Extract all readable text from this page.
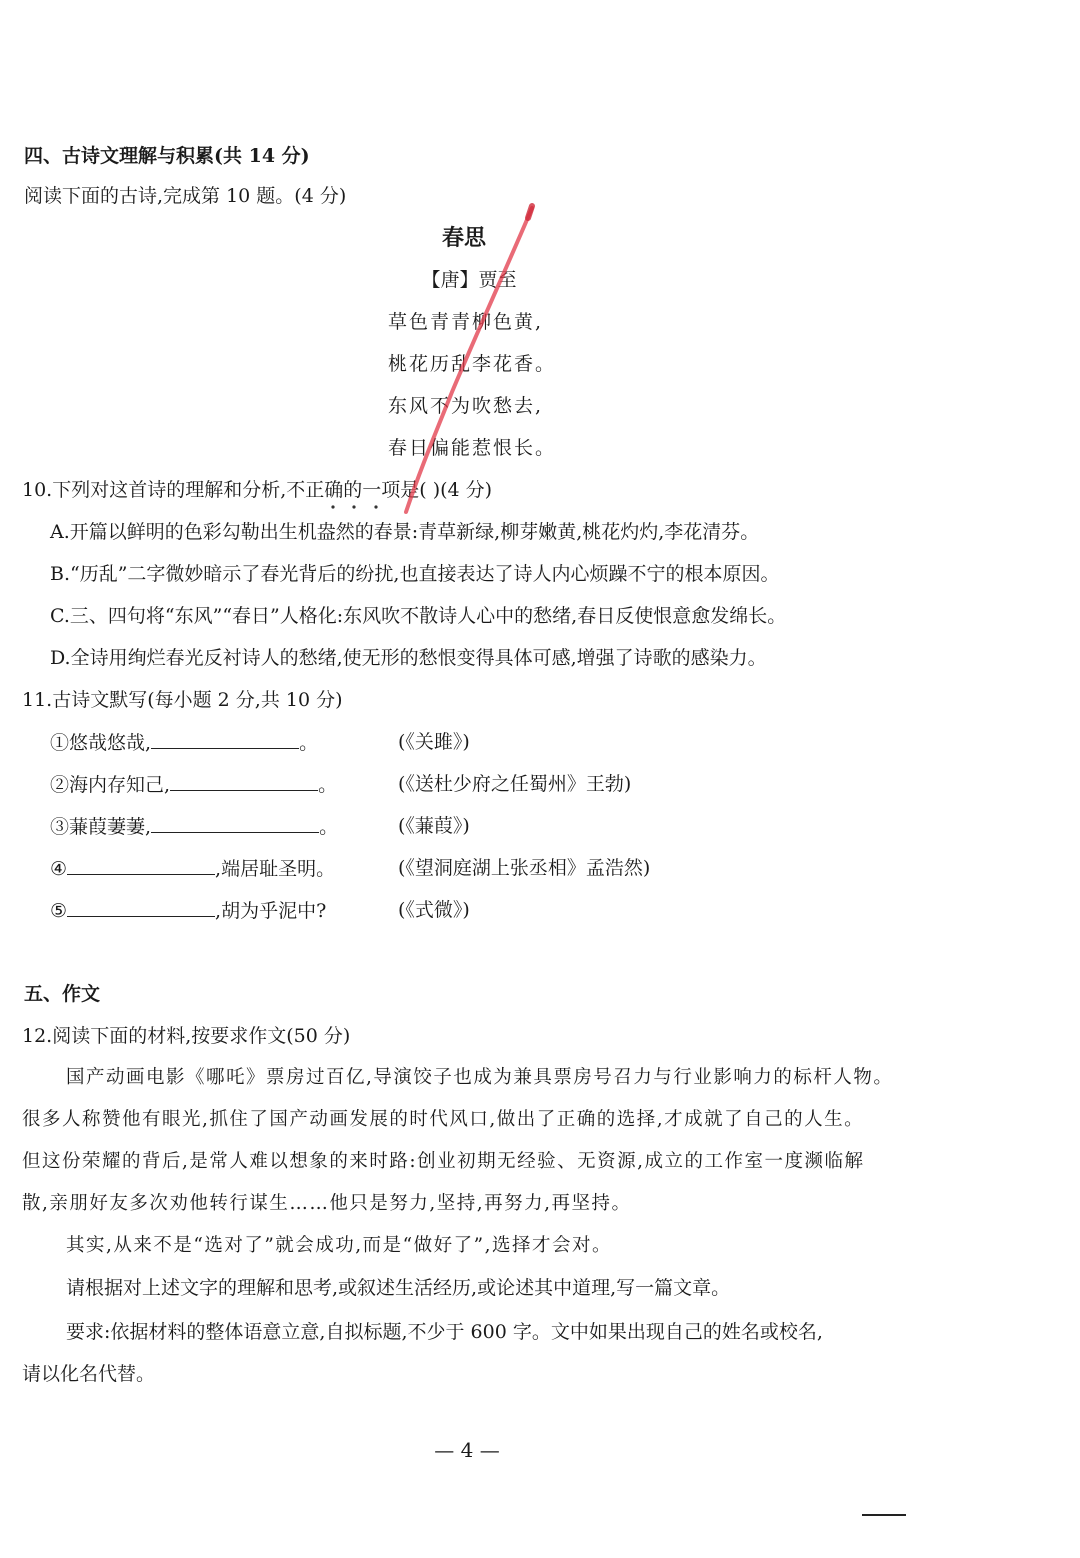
四、古诗文理解与积累(共 14 分)
阅读下面的古诗,完成第 10 题。(4 分)
春思
【唐】贾至
草色青青柳色黄,
桃花历乱李花香。
东风不为吹愁去,
春日偏能惹恨长。
10.下列对这首诗的理解和分析,不正确的一项是( )(4 分)
A.开篇以鲜明的色彩勾勒出生机盎然的春景:青草新绿,柳芽嫩黄,桃花灼灼,李花清芬。
B.“历乱”二字微妙暗示了春光背后的纷扰,也直接表达了诗人内心烦躁不宁的根本原因。
C.三、四句将“东风”“春日”人格化:东风吹不散诗人心中的愁绪,春日反使恨意愈发绵长。
D.全诗用绚烂春光反衬诗人的愁绪,使无形的愁恨变得具体可感,增强了诗歌的感染力。
11.古诗文默写(每小题 2 分,共 10 分)
①悠哉悠哉,	。	(《关雎》)
②海内存知己,	。	(《送杜少府之任蜀州》王勃)
③蒹葭萋萋,	。	(《蒹葭》)
④	,端居耻圣明。	(《望洞庭湖上张丞相》孟浩然)
⑤	,胡为乎泥中?	(《式微》)
五、作文
12.阅读下面的材料,按要求作文(50 分)
国产动画电影《哪吒》票房过百亿,导演饺子也成为兼具票房号召力与行业影响力的标杆人物。
很多人称赞他有眼光,抓住了国产动画发展的时代风口,做出了正确的选择,才成就了自己的人生。
但这份荣耀的背后,是常人难以想象的来时路:创业初期无经验、无资源,成立的工作室一度濒临解
散,亲朋好友多次劝他转行谋生……他只是努力,坚持,再努力,再坚持。
其实,从来不是“选对了”就会成功,而是“做好了”,选择才会对。
请根据对上述文字的理解和思考,或叙述生活经历,或论述其中道理,写一篇文章。
要求:依据材料的整体语意立意,自拟标题,不少于 600 字。文中如果出现自己的姓名或校名,
请以化名代替。
— 4 —
